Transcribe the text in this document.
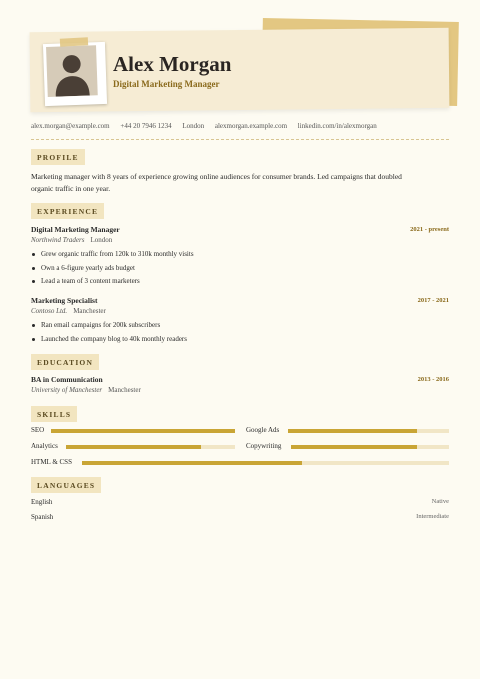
Alex Morgan
Digital Marketing Manager
alex.morgan@example.com +44 20 7946 1234 London alexmorgan.example.com linkedin.com/in/alexmorgan
PROFILE
Marketing manager with 8 years of experience growing online audiences for consumer brands. Led campaigns that doubled
organic traffic in one year.
EXPERIENCE
Digital Marketing Manager	2021 - present
Northwind Traders London
Grew organic traffic from 120k to 310k monthly visits
Own a 6-figure yearly ads budget
Lead a team of 3 content marketers
Marketing Specialist	2017 - 2021
Contoso Ltd. Manchester
Ran email campaigns for 200k subscribers
Launched the company blog to 40k monthly readers
EDUCATION
BA in Communication	2013 - 2016
University of Manchester Manchester
SKILLS
SEO	Google Ads
Analytics	Copywriting
HTML & CSS
LANGUAGES
English	Native
Spanish	Intermediate
